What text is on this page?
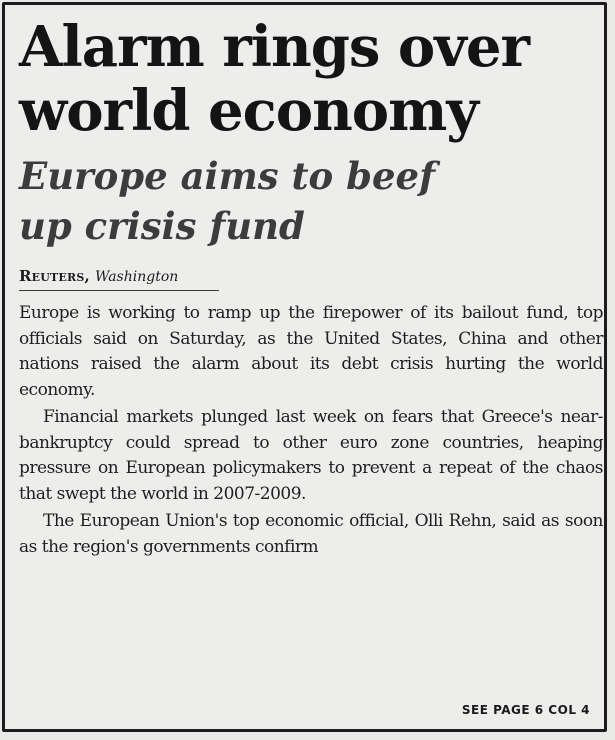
Alarm rings over
world economy
Europe aims to beef
up crisis fund
Reuters, Washington

Europe is working to ramp up the firepower of its bailout fund, top officials said on Saturday, as the United States, China and other nations raised the alarm about its debt crisis hurting the world economy.

Financial markets plunged last week on fears that Greece's near-bankruptcy could spread to other euro zone countries, heaping pressure on European policymakers to prevent a repeat of the chaos that swept the world in 2007-2009.

The European Union's top economic official, Olli Rehn, said as soon as the region's governments confirm

SEE PAGE 6 COL 4
